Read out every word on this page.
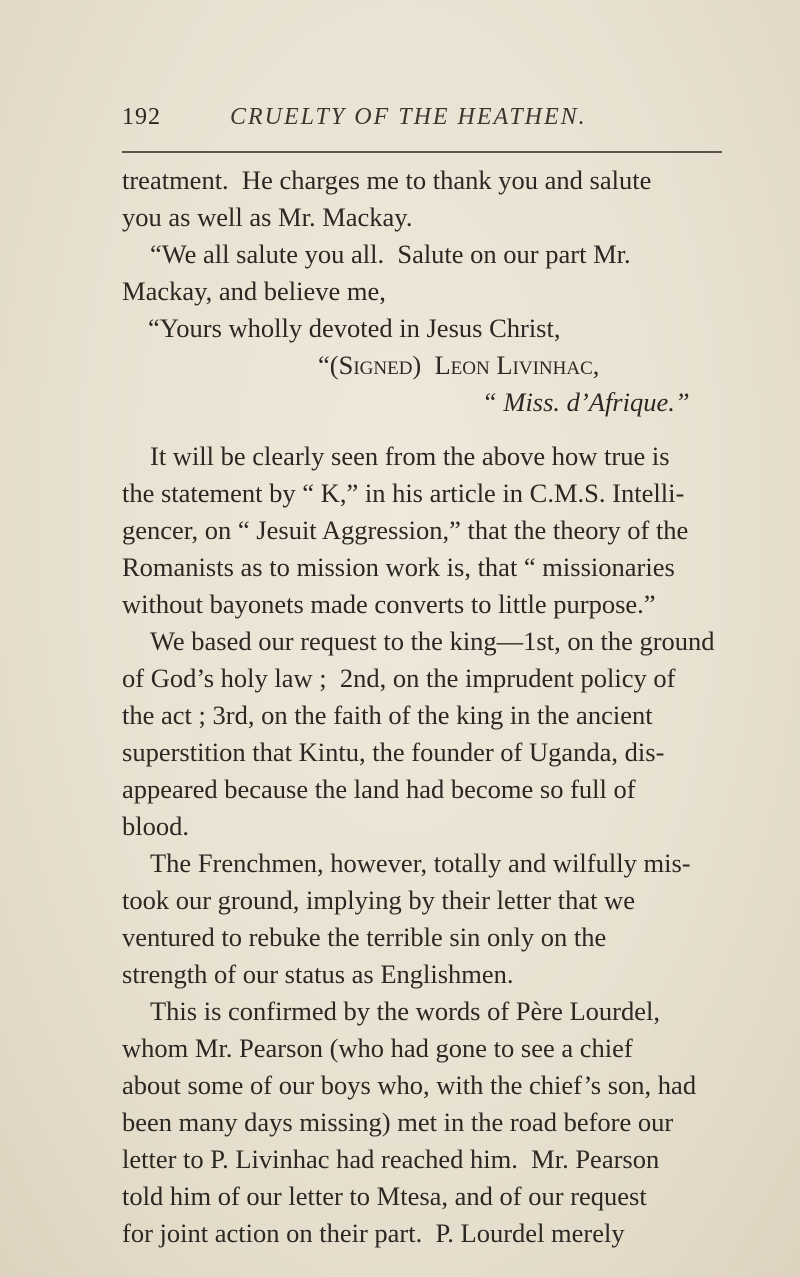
192	CRUELTY OF THE HEATHEN.
treatment.  He charges me to thank you and salute
you as well as Mr. Mackay.
“We all salute you all.  Salute on our part Mr.
Mackay, and believe me,
“Yours wholly devoted in Jesus Christ,
“(Signed)  Leon Livinhac,
“ Miss. d’Afrique.”
It will be clearly seen from the above how true is
the statement by “ K,” in his article in C.M.S. Intelli-
gencer, on “ Jesuit Aggression,” that the theory of the
Romanists as to mission work is, that “ missionaries
without bayonets made converts to little purpose.”
We based our request to the king—1st, on the ground
of God’s holy law ;  2nd, on the imprudent policy of
the act ; 3rd, on the faith of the king in the ancient
superstition that Kintu, the founder of Uganda, dis-
appeared because the land had become so full of
blood.
The Frenchmen, however, totally and wilfully mis-
took our ground, implying by their letter that we
ventured to rebuke the terrible sin only on the
strength of our status as Englishmen.
This is confirmed by the words of Père Lourdel,
whom Mr. Pearson (who had gone to see a chief
about some of our boys who, with the chief’s son, had
been many days missing) met in the road before our
letter to P. Livinhac had reached him.  Mr. Pearson
told him of our letter to Mtesa, and of our request
for joint action on their part.  P. Lourdel merely
